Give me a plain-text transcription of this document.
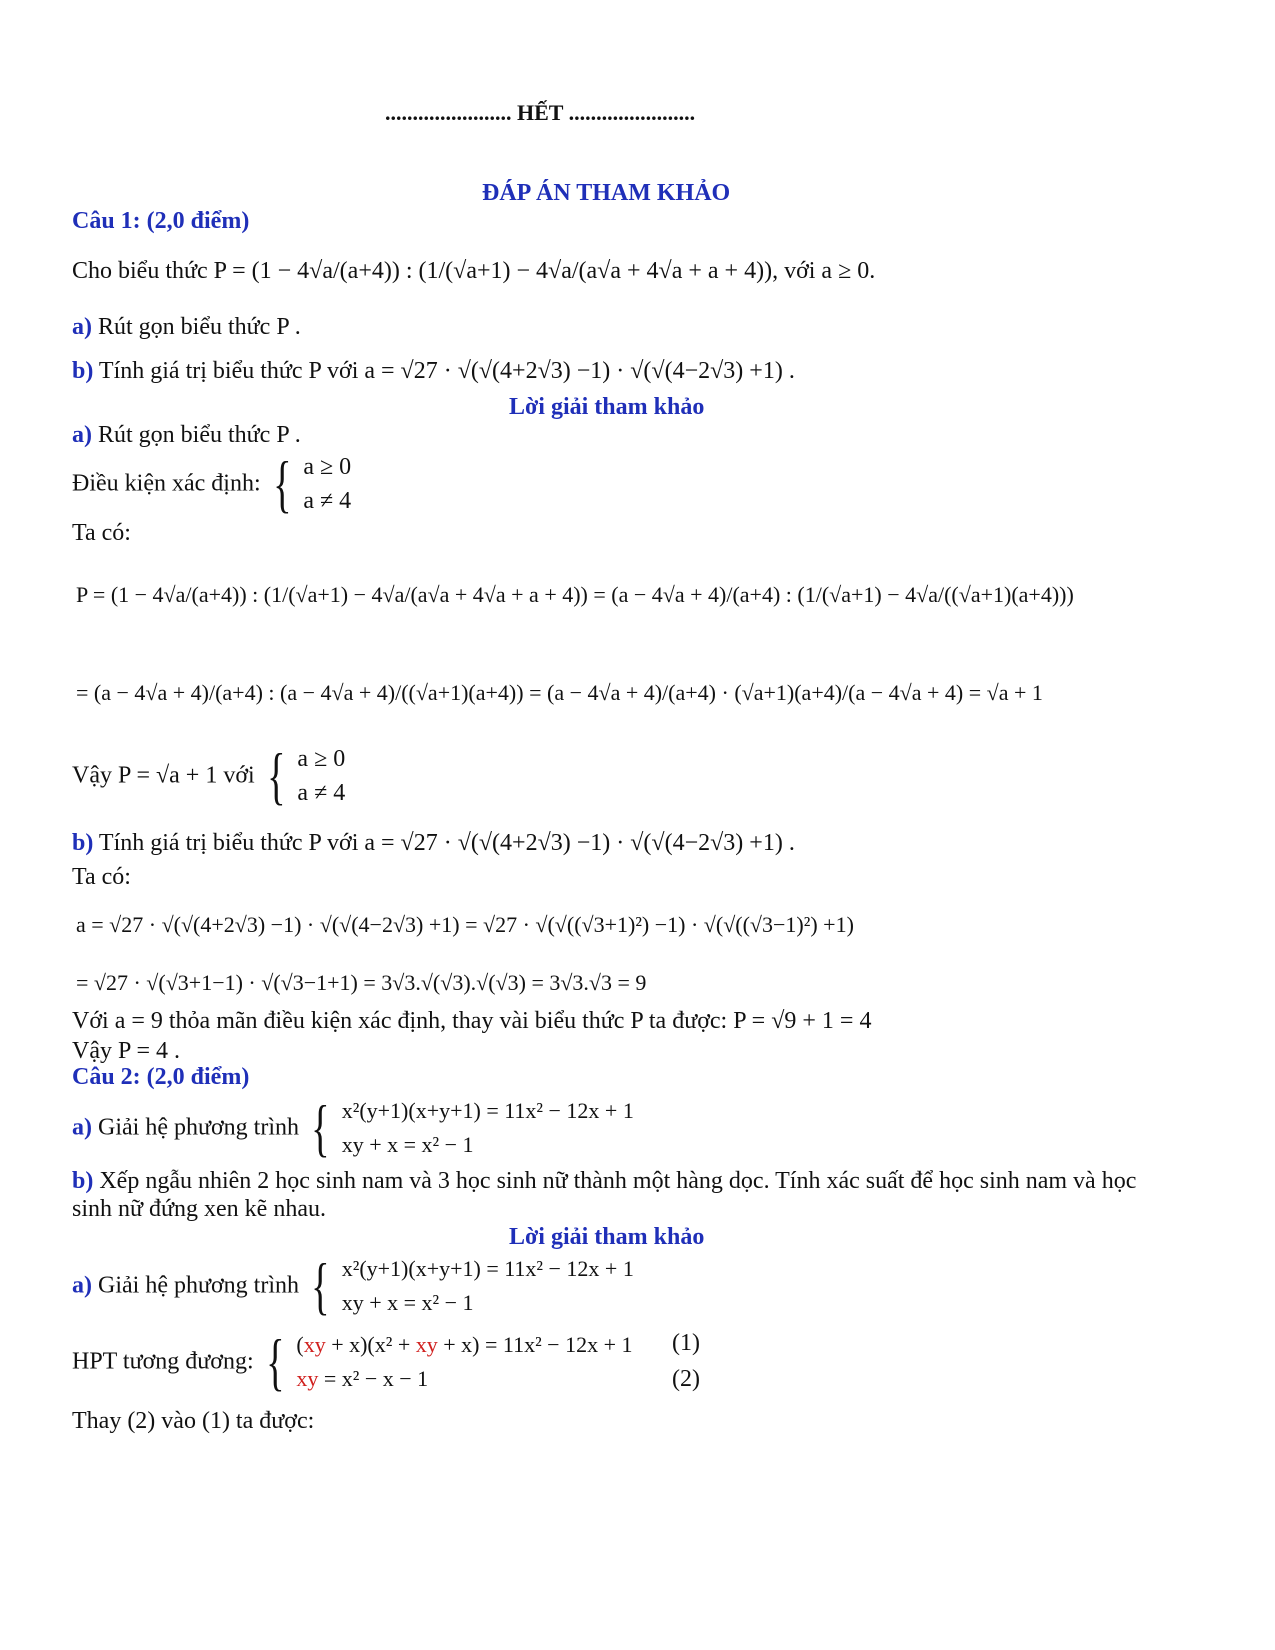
....................... HẾT .......................
ĐÁP ÁN THAM KHẢO
Câu 1: (2,0 điểm)
Cho biểu thức P = (1 − 4√a/(a+4)) : (1/(√a+1) − 4√a/(a√a + 4√a + a + 4)), với a ≥ 0.
a) Rút gọn biểu thức P .
b) Tính giá trị biểu thức P với a = √27 · √(√(4+2√3) −1) · √(√(4−2√3) +1) .
Lời giải tham khảo
a) Rút gọn biểu thức P .
Điều kiện xác định: { a ≥ 0
a ≠ 4
Ta có:
P = (1 − 4√a/(a+4)) : (1/(√a+1) − 4√a/(a√a + 4√a + a + 4)) = (a − 4√a + 4)/(a+4) : (1/(√a+1) − 4√a/((√a+1)(a+4)))
= (a − 4√a + 4)/(a+4) : (a − 4√a + 4)/((√a+1)(a+4)) = (a − 4√a + 4)/(a+4) · (√a+1)(a+4)/(a − 4√a + 4) = √a + 1
Vậy P = √a + 1 với { a ≥ 0
a ≠ 4
b) Tính giá trị biểu thức P với a = √27 · √(√(4+2√3) −1) · √(√(4−2√3) +1) .
Ta có:
a = √27 · √(√(4+2√3) −1) · √(√(4−2√3) +1) = √27 · √(√((√3+1)²) −1) · √(√((√3−1)²) +1)
= √27 · √(√3+1−1) · √(√3−1+1) = 3√3.√(√3).√(√3) = 3√3.√3 = 9
Với a = 9 thỏa mãn điều kiện xác định, thay vài biểu thức P ta được: P = √9 + 1 = 4
Vậy P = 4 .
Câu 2: (2,0 điểm)
a) Giải hệ phương trình { x²(y+1)(x+y+1) = 11x² − 12x + 1
xy + x = x² − 1
b) Xếp ngẫu nhiên 2 học sinh nam và 3 học sinh nữ thành một hàng dọc. Tính xác suất để học sinh nam và học
sinh nữ đứng xen kẽ nhau.
Lời giải tham khảo
a) Giải hệ phương trình { x²(y+1)(x+y+1) = 11x² − 12x + 1
xy + x = x² − 1
HPT tương đương: { (xy + x)(x² + xy + x) = 11x² − 12x + 1
xy = x² − x − 1
(1)
(2)
Thay (2) vào (1) ta được:
